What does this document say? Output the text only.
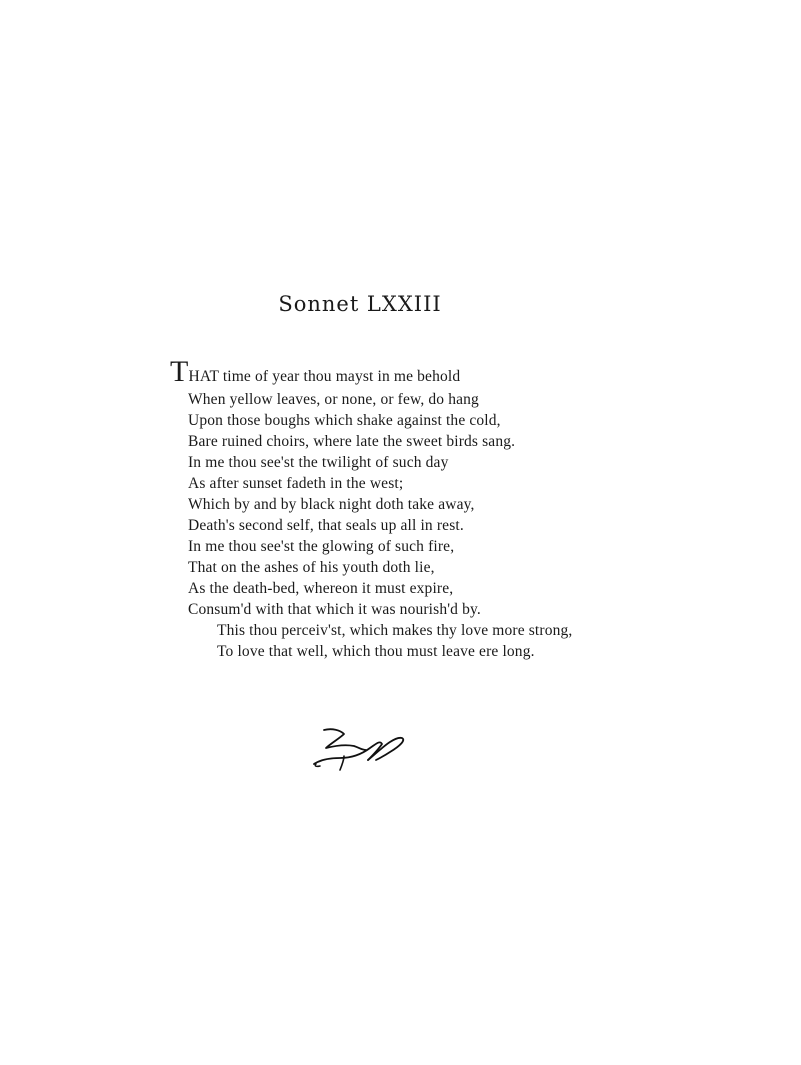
Sonnet LXXIII
THAT time of year thou mayst in me behold
When yellow leaves, or none, or few, do hang
Upon those boughs which shake against the cold,
Bare ruined choirs, where late the sweet birds sang.
In me thou see'st the twilight of such day
As after sunset fadeth in the west;
Which by and by black night doth take away,
Death's second self, that seals up all in rest.
In me thou see'st the glowing of such fire,
That on the ashes of his youth doth lie,
As the death-bed, whereon it must expire,
Consum'd with that which it was nourish'd by.
This thou perceiv'st, which makes thy love more strong,
To love that well, which thou must leave ere long.
